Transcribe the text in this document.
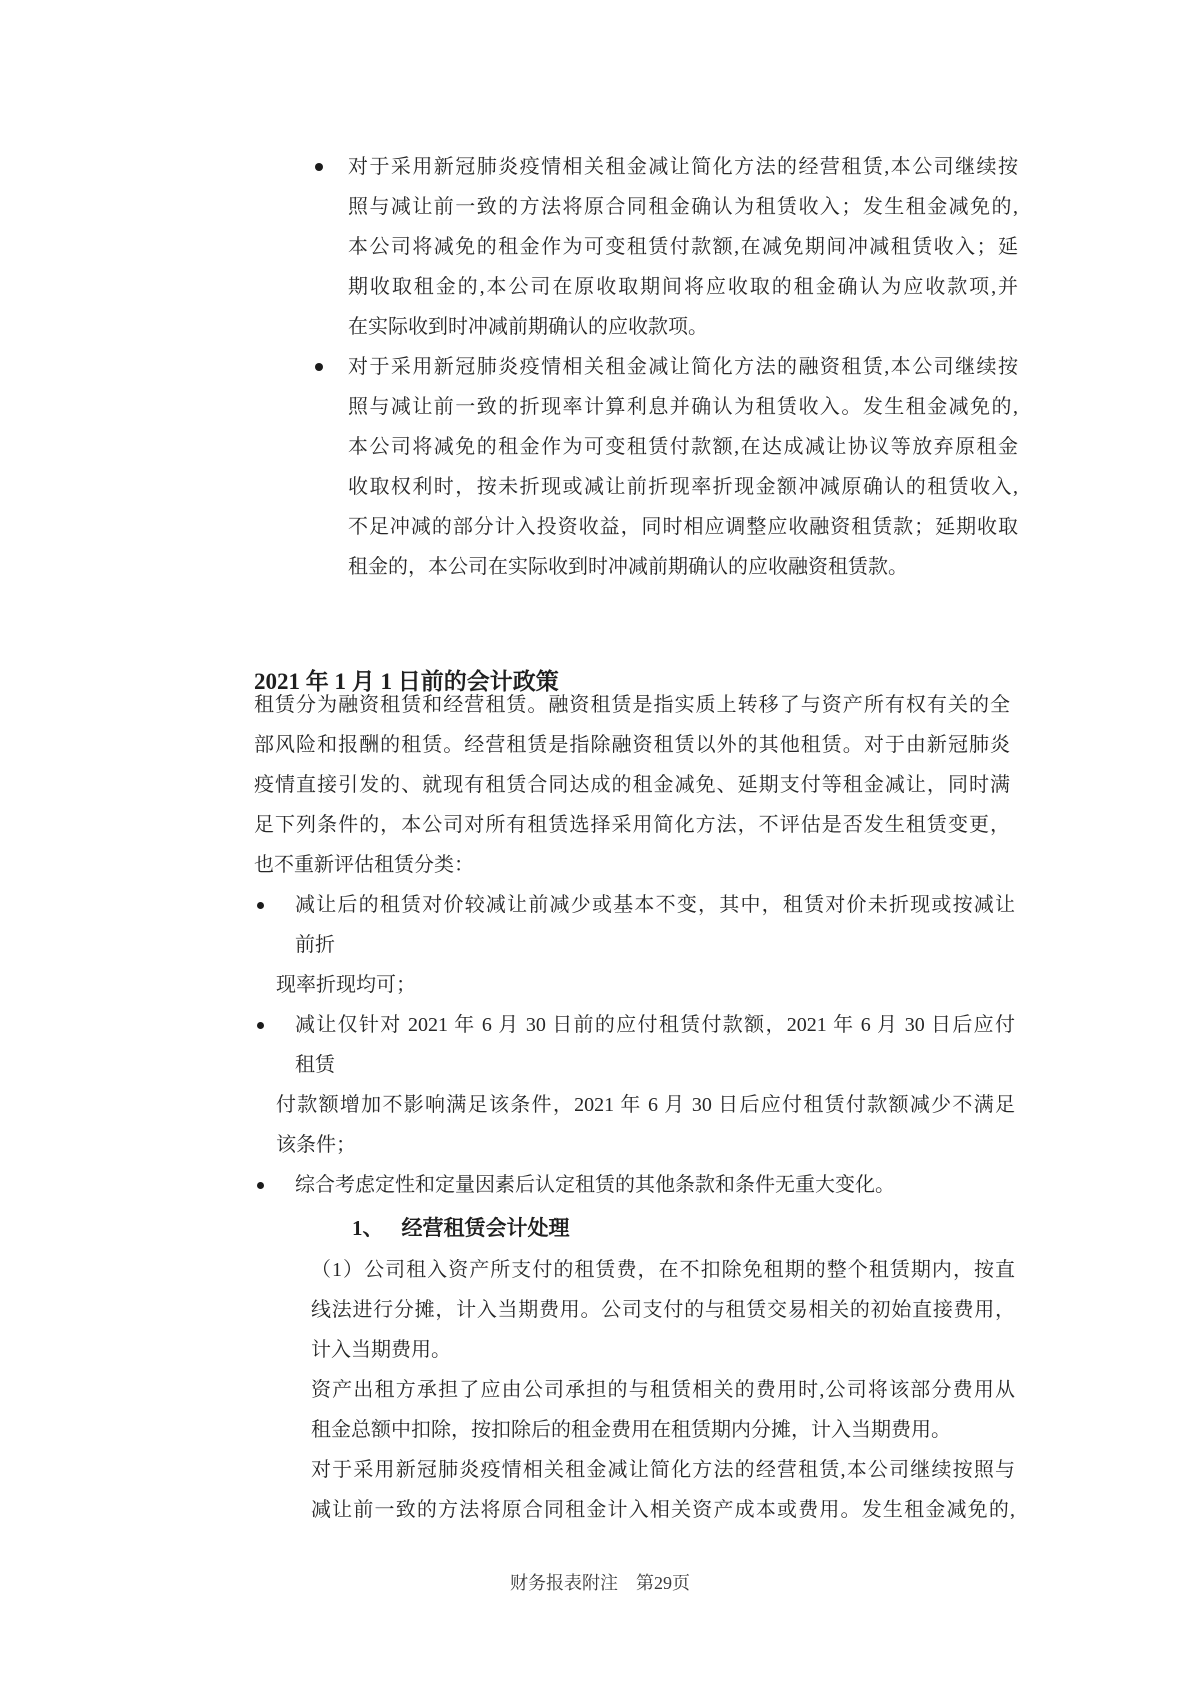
对于采用新冠肺炎疫情相关租金减让简化方法的经营租赁,本公司继续按
照与减让前一致的方法将原合同租金确认为租赁收入；发生租金减免的,
本公司将减免的租金作为可变租赁付款额,在减免期间冲减租赁收入；延
期收取租金的,本公司在原收取期间将应收取的租金确认为应收款项,并
在实际收到时冲减前期确认的应收款项。
对于采用新冠肺炎疫情相关租金减让简化方法的融资租赁,本公司继续按
照与减让前一致的折现率计算利息并确认为租赁收入。发生租金减免的,
本公司将减免的租金作为可变租赁付款额,在达成减让协议等放弃原租金
收取权利时，按未折现或减让前折现率折现金额冲减原确认的租赁收入,
不足冲减的部分计入投资收益，同时相应调整应收融资租赁款；延期收取
租金的，本公司在实际收到时冲减前期确认的应收融资租赁款。
2021 年 1 月 1 日前的会计政策
租赁分为融资租赁和经营租赁。融资租赁是指实质上转移了与资产所有权有关的全
部风险和报酬的租赁。经营租赁是指除融资租赁以外的其他租赁。对于由新冠肺炎
疫情直接引发的、就现有租赁合同达成的租金减免、延期支付等租金减让，同时满
足下列条件的，本公司对所有租赁选择采用简化方法，不评估是否发生租赁变更，
也不重新评估租赁分类：
减让后的租赁对价较减让前减少或基本不变，其中，租赁对价未折现或按减让
前折
现率折现均可；
减让仅针对 2021 年 6 月 30 日前的应付租赁付款额，2021 年 6 月 30 日后应付
租赁
付款额增加不影响满足该条件，2021 年 6 月 30 日后应付租赁付款额减少不满足
该条件；
综合考虑定性和定量因素后认定租赁的其他条款和条件无重大变化。
1、 经营租赁会计处理
（1）公司租入资产所支付的租赁费，在不扣除免租期的整个租赁期内，按直
线法进行分摊，计入当期费用。公司支付的与租赁交易相关的初始直接费用，
计入当期费用。
资产出租方承担了应由公司承担的与租赁相关的费用时,公司将该部分费用从
租金总额中扣除，按扣除后的租金费用在租赁期内分摊，计入当期费用。
对于采用新冠肺炎疫情相关租金减让简化方法的经营租赁,本公司继续按照与
减让前一致的方法将原合同租金计入相关资产成本或费用。发生租金减免的,
财务报表附注　第29页
